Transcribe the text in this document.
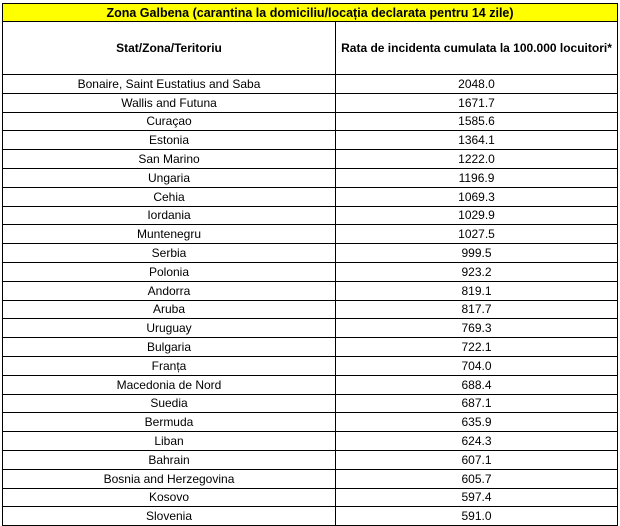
Zona Galbena (carantina la domiciliu/locația declarata pentru 14 zile)	
Stat/Zona/Teritoriu	Rata de incidenta cumulata la 100.000 locuitori*
Bonaire, Saint Eustatius and Saba	2048.0
Wallis and Futuna	1671.7
Curaçao	1585.6
Estonia	1364.1
San Marino	1222.0
Ungaria	1196.9
Cehia	1069.3
Iordania	1029.9
Muntenegru	1027.5
Serbia	999.5
Polonia	923.2
Andorra	819.1
Aruba	817.7
Uruguay	769.3
Bulgaria	722.1
Franța	704.0
Macedonia de Nord	688.4
Suedia	687.1
Bermuda	635.9
Liban	624.3
Bahrain	607.1
Bosnia and Herzegovina	605.7
Kosovo	597.4
Slovenia	591.0
